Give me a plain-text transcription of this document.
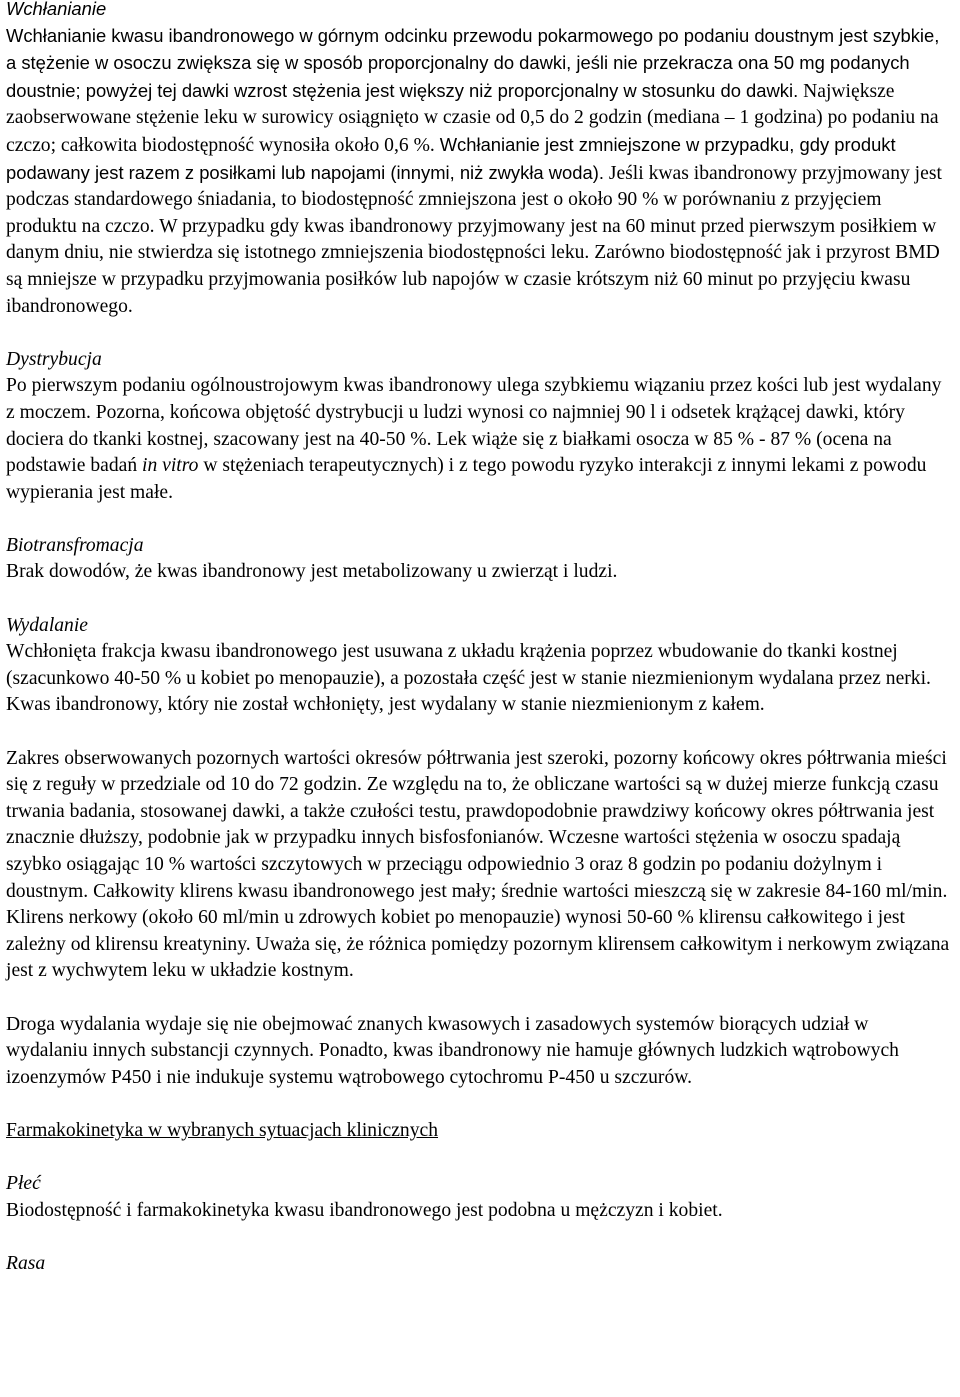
Wchłanianie

Wchłanianie kwasu ibandronowego w górnym odcinku przewodu pokarmowego po podaniu doustnym jest szybkie, a stężenie w osoczu zwiększa się w sposób proporcjonalny do dawki, jeśli nie przekracza ona 50 mg podanych doustnie; powyżej tej dawki wzrost stężenia jest większy niż proporcjonalny w stosunku do dawki. Największe zaobserwowane stężenie leku w surowicy osiągnięto w czasie od 0,5 do 2 godzin (mediana – 1 godzina) po podaniu na czczo; całkowita biodostępność wynosiła około 0,6 %. Wchłanianie jest zmniejszone w przypadku, gdy produkt podawany jest razem z posiłkami lub napojami (innymi, niż zwykła woda). Jeśli kwas ibandronowy przyjmowany jest podczas standardowego śniadania, to biodostępność zmniejszona jest o około 90 % w porównaniu z przyjęciem produktu na czczo. W przypadku gdy kwas ibandronowy przyjmowany jest na 60 minut przed pierwszym posiłkiem w danym dniu, nie stwierdza się istotnego zmniejszenia biodostępności leku. Zarówno biodostępność jak i przyrost BMD są mniejsze w przypadku przyjmowania posiłków lub napojów w czasie krótszym niż 60 minut po przyjęciu kwasu ibandronowego.

Dystrybucja

Po pierwszym podaniu ogólnoustrojowym kwas ibandronowy ulega szybkiemu wiązaniu przez kości lub jest wydalany z moczem. Pozorna, końcowa objętość dystrybucji u ludzi wynosi co najmniej 90 l i odsetek krążącej dawki, który dociera do tkanki kostnej, szacowany jest na 40-50 %. Lek wiąże się z białkami osocza w 85 % - 87 % (ocena na podstawie badań in vitro w stężeniach terapeutycznych) i z tego powodu ryzyko interakcji z innymi lekami z powodu wypierania jest małe.

Biotransfromacja

Brak dowodów, że kwas ibandronowy jest metabolizowany u zwierząt i ludzi.

Wydalanie

Wchłonięta frakcja kwasu ibandronowego jest usuwana z układu krążenia poprzez wbudowanie do tkanki kostnej (szacunkowo 40-50 % u kobiet po menopauzie), a pozostała część jest w stanie niezmienionym wydalana przez nerki. Kwas ibandronowy, który nie został wchłonięty, jest wydalany w stanie niezmienionym z kałem.

Zakres obserwowanych pozornych wartości okresów półtrwania jest szeroki, pozorny końcowy okres półtrwania mieści się z reguły w przedziale od 10 do 72 godzin. Ze względu na to, że obliczane wartości są w dużej mierze funkcją czasu trwania badania, stosowanej dawki, a także czułości testu, prawdopodobnie prawdziwy końcowy okres półtrwania jest znacznie dłuższy, podobnie jak w przypadku innych bisfosfonianów. Wczesne wartości stężenia w osoczu spadają szybko osiągając 10 % wartości szczytowych w przeciągu odpowiednio 3 oraz 8 godzin po podaniu dożylnym i doustnym. Całkowity klirens kwasu ibandronowego jest mały; średnie wartości mieszczą się w zakresie 84-160 ml/min. Klirens nerkowy (około 60 ml/min u zdrowych kobiet po menopauzie) wynosi 50-60 % klirensu całkowitego i jest zależny od klirensu kreatyniny. Uważa się, że różnica pomiędzy pozornym klirensem całkowitym i nerkowym związana jest z wychwytem leku w układzie kostnym.

Droga wydalania wydaje się nie obejmować znanych kwasowych i zasadowych systemów biorących udział w wydalaniu innych substancji czynnych. Ponadto, kwas ibandronowy nie hamuje głównych ludzkich wątrobowych izoenzymów P450 i nie indukuje systemu wątrobowego cytochromu P-450 u szczurów.

Farmakokinetyka w wybranych sytuacjach klinicznych

Płeć

Biodostępność i farmakokinetyka kwasu ibandronowego jest podobna u mężczyzn i kobiet.

Rasa
